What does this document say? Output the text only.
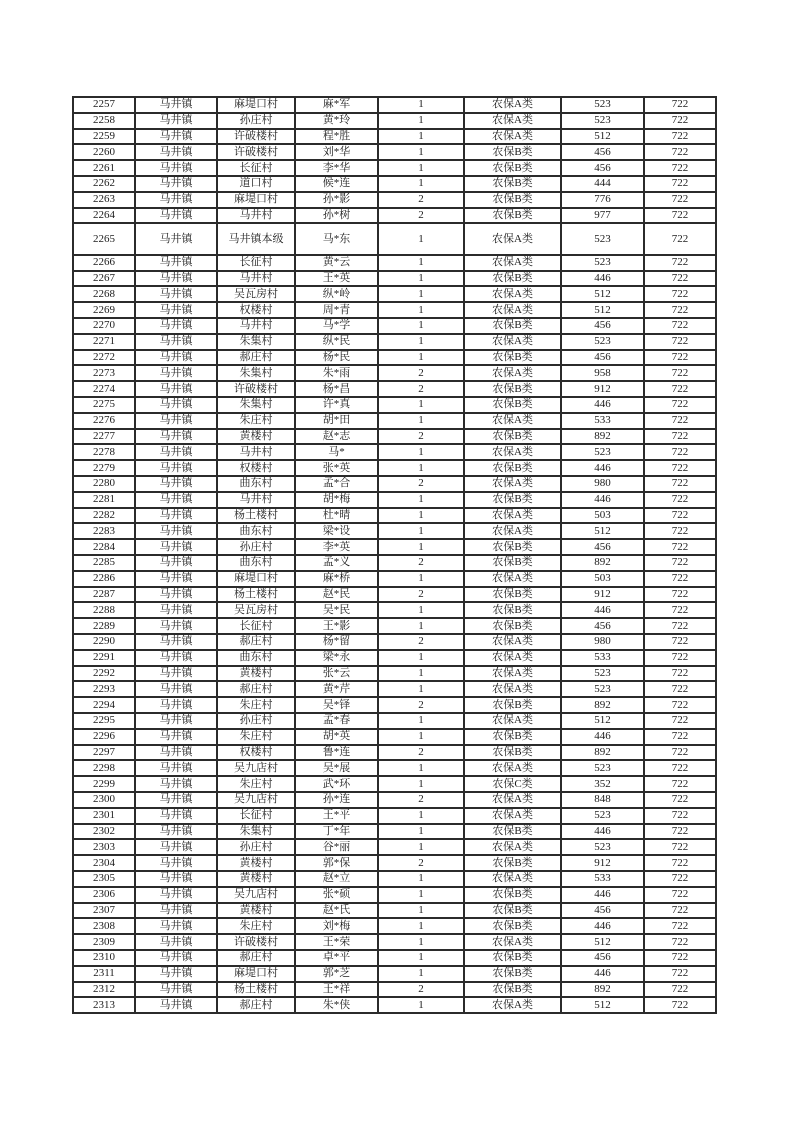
2257	马井镇	麻堤口村	麻*军	1	农保A类	523	722
2258	马井镇	孙庄村	黄*玲	1	农保A类	523	722
2259	马井镇	许破楼村	程*胜	1	农保A类	512	722
2260	马井镇	许破楼村	刘*华	1	农保B类	456	722
2261	马井镇	长征村	李*华	1	农保B类	456	722
2262	马井镇	道口村	候*连	1	农保B类	444	722
2263	马井镇	麻堤口村	孙*影	2	农保B类	776	722
2264	马井镇	马井村	孙*树	2	农保B类	977	722
2265	马井镇	马井镇本级	马*东	1	农保A类	523	722
2266	马井镇	长征村	黄*云	1	农保A类	523	722
2267	马井镇	马井村	王*英	1	农保B类	446	722
2268	马井镇	吴瓦房村	纵*岭	1	农保A类	512	722
2269	马井镇	权楼村	周*青	1	农保A类	512	722
2270	马井镇	马井村	马*学	1	农保B类	456	722
2271	马井镇	朱集村	纵*民	1	农保A类	523	722
2272	马井镇	郝庄村	杨*民	1	农保B类	456	722
2273	马井镇	朱集村	朱*雨	2	农保A类	958	722
2274	马井镇	许破楼村	杨*昌	2	农保B类	912	722
2275	马井镇	朱集村	许*真	1	农保B类	446	722
2276	马井镇	朱庄村	胡*田	1	农保A类	533	722
2277	马井镇	黄楼村	赵*志	2	农保B类	892	722
2278	马井镇	马井村	马*	1	农保A类	523	722
2279	马井镇	权楼村	张*英	1	农保B类	446	722
2280	马井镇	曲东村	孟*合	2	农保A类	980	722
2281	马井镇	马井村	胡*梅	1	农保B类	446	722
2282	马井镇	杨土楼村	杜*晴	1	农保A类	503	722
2283	马井镇	曲东村	梁*设	1	农保A类	512	722
2284	马井镇	孙庄村	李*英	1	农保B类	456	722
2285	马井镇	曲东村	孟*义	2	农保B类	892	722
2286	马井镇	麻堤口村	麻*桥	1	农保A类	503	722
2287	马井镇	杨土楼村	赵*民	2	农保B类	912	722
2288	马井镇	吴瓦房村	吴*民	1	农保B类	446	722
2289	马井镇	长征村	王*影	1	农保B类	456	722
2290	马井镇	郝庄村	杨*留	2	农保A类	980	722
2291	马井镇	曲东村	梁*永	1	农保A类	533	722
2292	马井镇	黄楼村	张*云	1	农保A类	523	722
2293	马井镇	郝庄村	黄*芹	1	农保A类	523	722
2294	马井镇	朱庄村	吴*铎	2	农保B类	892	722
2295	马井镇	孙庄村	孟*春	1	农保A类	512	722
2296	马井镇	朱庄村	胡*英	1	农保B类	446	722
2297	马井镇	权楼村	鲁*连	2	农保B类	892	722
2298	马井镇	吴九店村	吴*展	1	农保A类	523	722
2299	马井镇	朱庄村	武*环	1	农保C类	352	722
2300	马井镇	吴九店村	孙*连	2	农保A类	848	722
2301	马井镇	长征村	王*平	1	农保A类	523	722
2302	马井镇	朱集村	丁*年	1	农保B类	446	722
2303	马井镇	孙庄村	谷*丽	1	农保A类	523	722
2304	马井镇	黄楼村	郭*保	2	农保B类	912	722
2305	马井镇	黄楼村	赵*立	1	农保A类	533	722
2306	马井镇	吴九店村	张*硕	1	农保B类	446	722
2307	马井镇	黄楼村	赵*氏	1	农保B类	456	722
2308	马井镇	朱庄村	刘*梅	1	农保B类	446	722
2309	马井镇	许破楼村	王*荣	1	农保A类	512	722
2310	马井镇	郝庄村	卓*平	1	农保B类	456	722
2311	马井镇	麻堤口村	郭*芝	1	农保B类	446	722
2312	马井镇	杨土楼村	王*祥	2	农保B类	892	722
2313	马井镇	郝庄村	朱*侠	1	农保A类	512	722
